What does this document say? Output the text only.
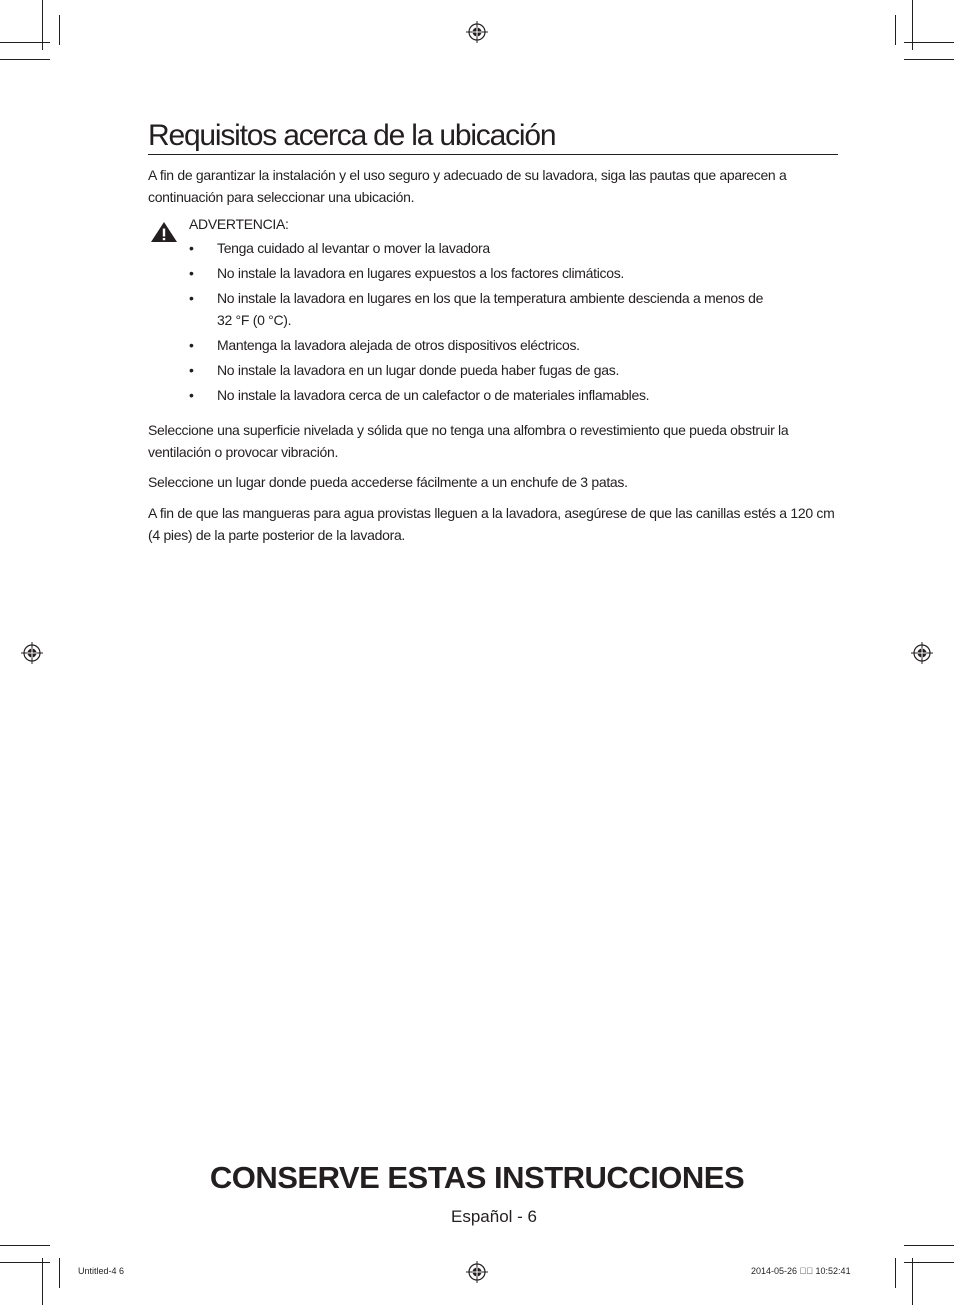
Requisitos acerca de la ubicación

A fin de garantizar la instalación y el uso seguro y adecuado de su lavadora, siga las pautas que aparecen a continuación para seleccionar una ubicación.

ADVERTENCIA:

• Tenga cuidado al levantar o mover la lavadora
• No instale la lavadora en lugares expuestos a los factores climáticos.
• No instale la lavadora en lugares en los que la temperatura ambiente descienda a menos de 32 °F (0 °C).
• Mantenga la lavadora alejada de otros dispositivos eléctricos.
• No instale la lavadora en un lugar donde pueda haber fugas de gas.
• No instale la lavadora cerca de un calefactor o de materiales inflamables.

Seleccione una superficie nivelada y sólida que no tenga una alfombra o revestimiento que pueda obstruir la ventilación o provocar vibración.

Seleccione un lugar donde pueda accederse fácilmente a un enchufe de 3 patas.

A fin de que las mangueras para agua provistas lleguen a la lavadora, asegúrese de que las canillas estés a 120 cm (4 pies) de la parte posterior de la lavadora.

CONSERVE ESTAS INSTRUCCIONES

Español - 6

Untitled-4 6	2014-05-26 ￿￿ 10:52:41
